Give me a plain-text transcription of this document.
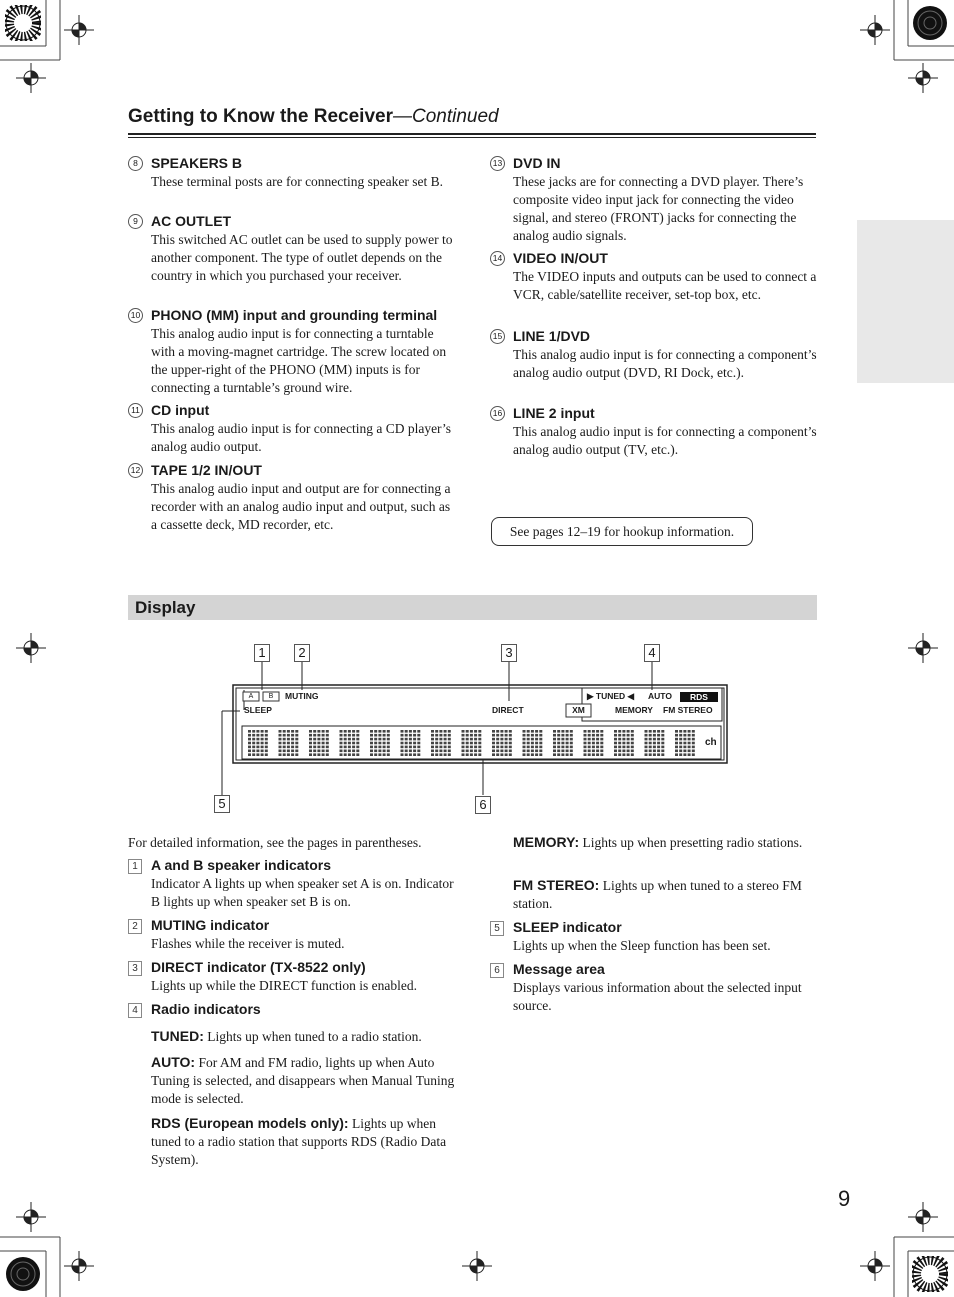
Getting to Know the Receiver—Continued
8 SPEAKERS B
These terminal posts are for connecting speaker set B.
9 AC OUTLET
This switched AC outlet can be used to supply power to another component. The type of outlet depends on the country in which you purchased your receiver.
10 PHONO (MM) input and grounding terminal
This analog audio input is for connecting a turntable with a moving-magnet cartridge. The screw located on the upper-right of the PHONO (MM) inputs is for connecting a turntable’s ground wire.
11 CD input
This analog audio input is for connecting a CD player’s analog audio output.
12 TAPE 1/2 IN/OUT
This analog audio input and output are for connecting a recorder with an analog audio input and output, such as a cassette deck, MD recorder, etc.
13 DVD IN
These jacks are for connecting a DVD player. There’s composite video input jack for connecting the video signal, and stereo (FRONT) jacks for connecting the analog audio signals.
14 VIDEO IN/OUT
The VIDEO inputs and outputs can be used to connect a VCR, cable/satellite receiver, set-top box, etc.
15 LINE 1/DVD
This analog audio input is for connecting a component’s analog audio output (DVD, RI Dock, etc.).
16 LINE 2 input
This analog audio input is for connecting a component’s analog audio output (TV, etc.).
See pages 12–19 for hookup information.
Display
1	2	3	4
5	6
A	B	MUTING
SLEEP	DIRECT
▶ TUNED ◀ AUTO	RDS
XM	MEMORY FM STEREO
ch
For detailed information, see the pages in parentheses.
1 A and B speaker indicators
Indicator A lights up when speaker set A is on. Indicator B lights up when speaker set B is on.
2 MUTING indicator
Flashes while the receiver is muted.
3 DIRECT indicator (TX-8522 only)
Lights up while the DIRECT function is enabled.
4 Radio indicators
TUNED: Lights up when tuned to a radio station.
AUTO: For AM and FM radio, lights up when Auto Tuning is selected, and disappears when Manual Tuning mode is selected.
RDS (European models only): Lights up when tuned to a radio station that supports RDS (Radio Data System).
MEMORY: Lights up when presetting radio stations.
FM STEREO: Lights up when tuned to a stereo FM station.
5 SLEEP indicator
Lights up when the Sleep function has been set.
6 Message area
Displays various information about the selected input source.
9
